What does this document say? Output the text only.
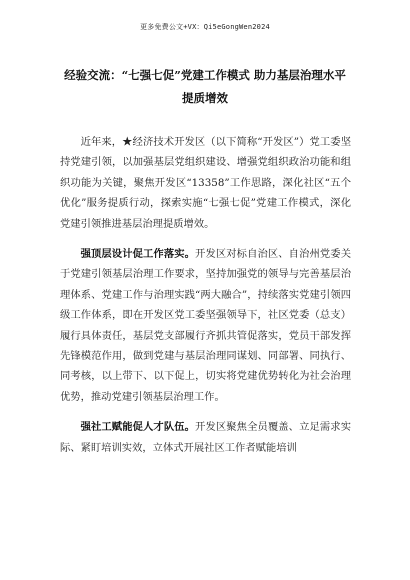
更多免费公文+VX：Qi5eGongWen2024
经验交流：“七强七促”党建工作模式 助力基层治理水平
提质增效

近年来，★经济技术开发区（以下简称“开发区”）党工委坚持党建引领，以加强基层党组织建设、增强党组织政治功能和组织功能为关键，聚焦开发区“13358”工作思路，深化社区“五个优化”服务提质行动，探索实施“七强七促”党建工作模式，深化党建引领推进基层治理提质增效。

强顶层设计促工作落实。开发区对标自治区、自治州党委关于党建引领基层治理工作要求，坚持加强党的领导与完善基层治理体系、党建工作与治理实践“两大融合”，持续落实党建引领四级工作体系，即在开发区党工委坚强领导下，社区党委（总支）履行具体责任，基层党支部履行齐抓共管促落实，党员干部发挥先锋模范作用，做到党建与基层治理同谋划、同部署、同执行、同考核，以上带下、以下促上，切实将党建优势转化为社会治理优势，推动党建引领基层治理工作。

强社工赋能促人才队伍。开发区聚焦全员覆盖、立足需求实际、紧盯培训实效，立体式开展社区工作者赋能培训
